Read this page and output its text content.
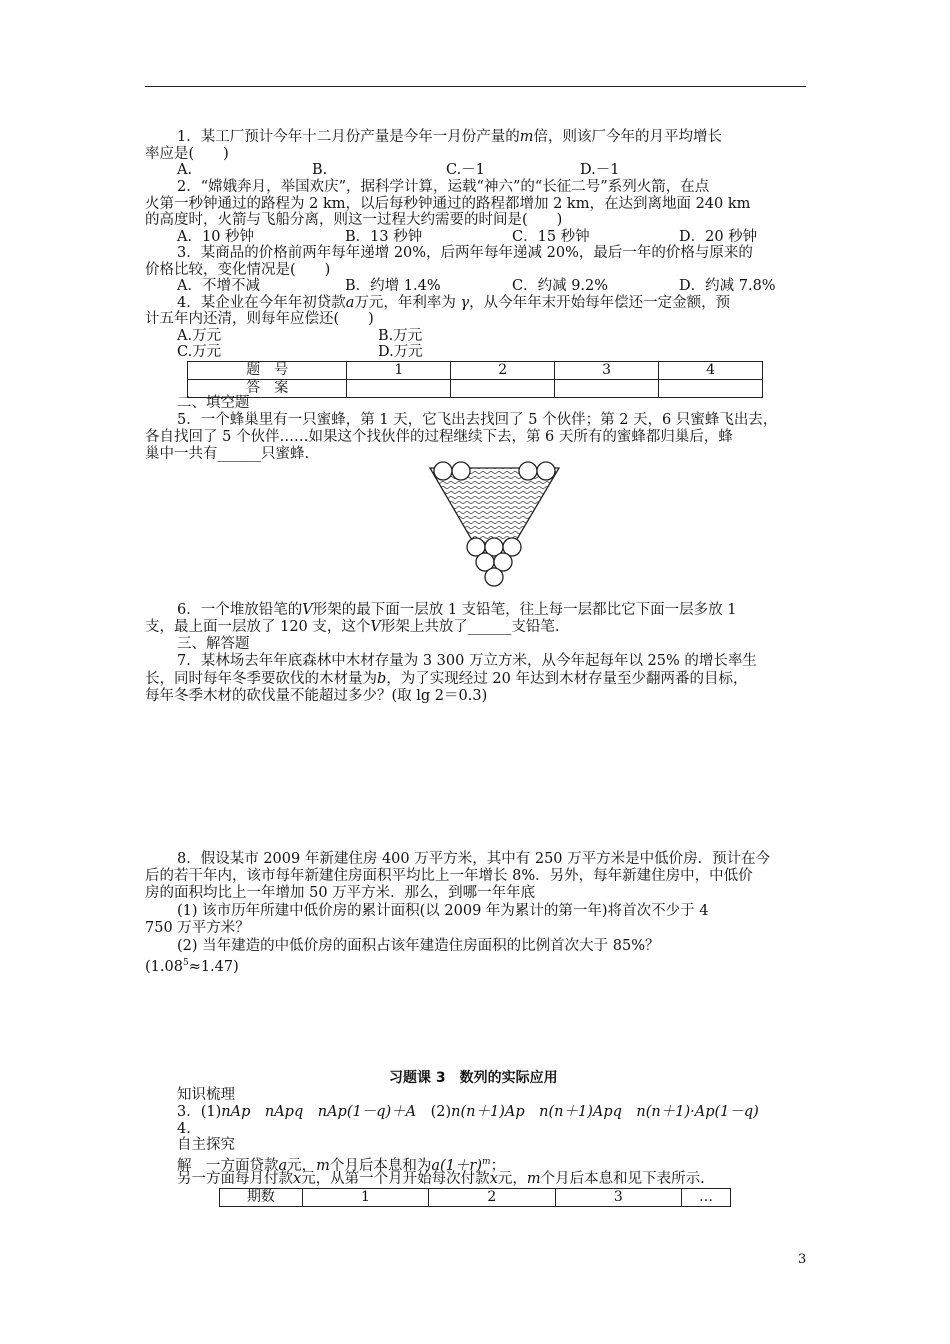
1．某工厂预计今年十二月份产量是今年一月份产量的m倍，则该厂今年的月平均增长
率应是(　　)
A.	B.	C.－1	D.－1
2．“嫦娥奔月，举国欢庆”，据科学计算，运载“神六”的“长征二号”系列火箭，在点
火第一秒钟通过的路程为 2 km，以后每秒钟通过的路程都增加 2 km，在达到离地面 240 km
的高度时，火箭与飞船分离，则这一过程大约需要的时间是(　　)
A．10 秒钟	B．13 秒钟	C．15 秒钟	D．20 秒钟
3．某商品的价格前两年每年递增 20%，后两年每年递减 20%，最后一年的价格与原来的
价格比较，变化情况是(　　)
A．不增不减	B．约增 1.4%	C．约减 9.2%	D．约减 7.8%
4．某企业在今年年初贷款a万元，年利率为 γ，从今年年末开始每年偿还一定金额，预
计五年内还清，则每年应偿还(　　)
A.万元	B.万元
C.万元	D.万元
题　号	1	2	3	4
答　案				
二、填空题
5．一个蜂巢里有一只蜜蜂，第 1 天，它飞出去找回了 5 个伙伴；第 2 天，6 只蜜蜂飞出去，
各自找回了 5 个伙伴……如果这个找伙伴的过程继续下去，第 6 天所有的蜜蜂都归巢后，蜂
巢中一共有______只蜜蜂.
6．一个堆放铅笔的V形架的最下面一层放 1 支铅笔，往上每一层都比它下面一层多放 1
支，最上面一层放了 120 支，这个V形架上共放了______支铅笔.
三、解答题
7．某林场去年年底森林中木材存量为 3 300 万立方米，从今年起每年以 25% 的增长率生
长，同时每年冬季要砍伐的木材量为b，为了实现经过 20 年达到木材存量至少翻两番的目标，
每年冬季木材的砍伐量不能超过多少？(取 lg 2＝0.3)
8．假设某市 2009 年新建住房 400 万平方米，其中有 250 万平方米是中低价房．预计在今
后的若干年内，该市每年新建住房面积平均比上一年增长 8%．另外，每年新建住房中，中低价
房的面积均比上一年增加 50 万平方米．那么，到哪一年年底
(1) 该市历年所建中低价房的累计面积(以 2009 年为累计的第一年)将首次不少于 4
750 万平方米？
(2) 当年建造的中低价房的面积占该年建造住房面积的比例首次大于 85%？
$(1.08^5\approx 1.47)$
习题课 3　数列的实际应用
知识梳理
3．(1)nAp　 nApq　 nAp(1－q)＋A　 (2)n(n＋1)Ap　 n(n＋1)Apq　 n(n＋1)·Ap(1－q)
4.
自主探究
解　 一方面贷款a元，m个月后本息和为$a(1+r)^m$；
另一方面每月付款x元，从第一个月开始每次付款x元，m个月后本息和见下表所示.
期数	1	2	3	…
3
